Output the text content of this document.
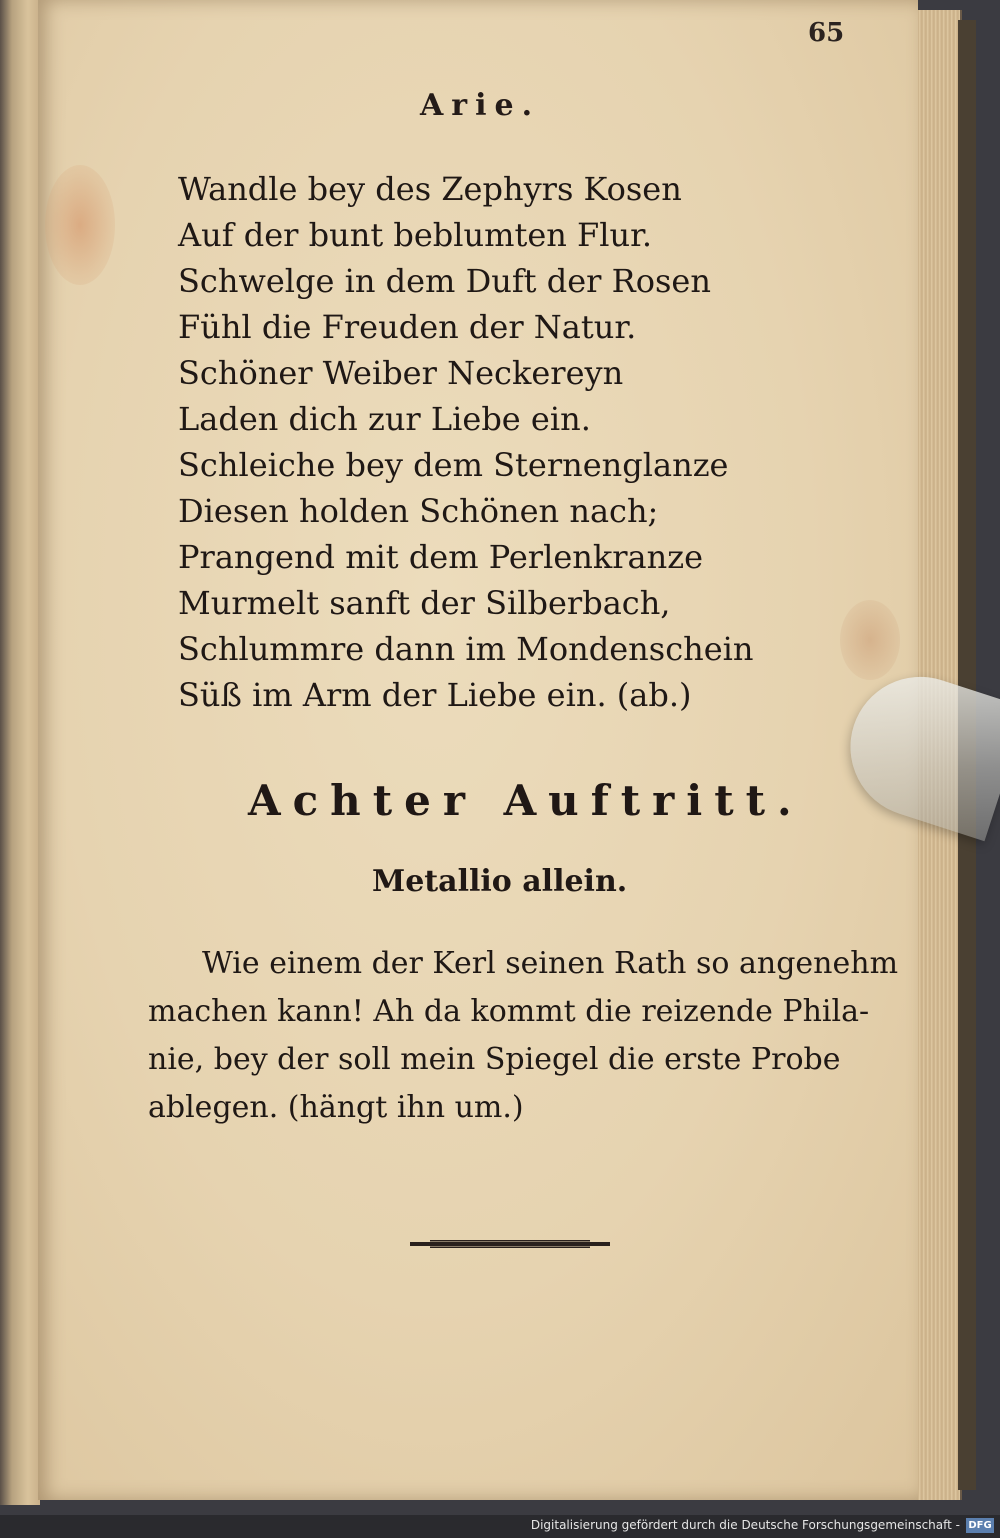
65
Arie.
Wandle bey des Zephyrs Kosen
Auf der bunt beblumten Flur.
Schwelge in dem Duft der Rosen
Fühl die Freuden der Natur.
Schöner Weiber Neckereyn
Laden dich zur Liebe ein.
Schleiche bey dem Sternenglanze
Diesen holden Schönen nach;
Prangend mit dem Perlenkranze
Murmelt sanft der Silberbach,
Schlummre dann im Mondenschein
Süß im Arm der Liebe ein. (ab.)
Achter Auftritt.
Metallio allein.
Wie einem der Kerl seinen Rath so angenehm
machen kann! Ah da kommt die reizende Phila-
nie, bey der soll mein Spiegel die erste Probe
ablegen. (hängt ihn um.)
Digitalisierung gefördert durch die Deutsche Forschungsgemeinschaft - DFG
